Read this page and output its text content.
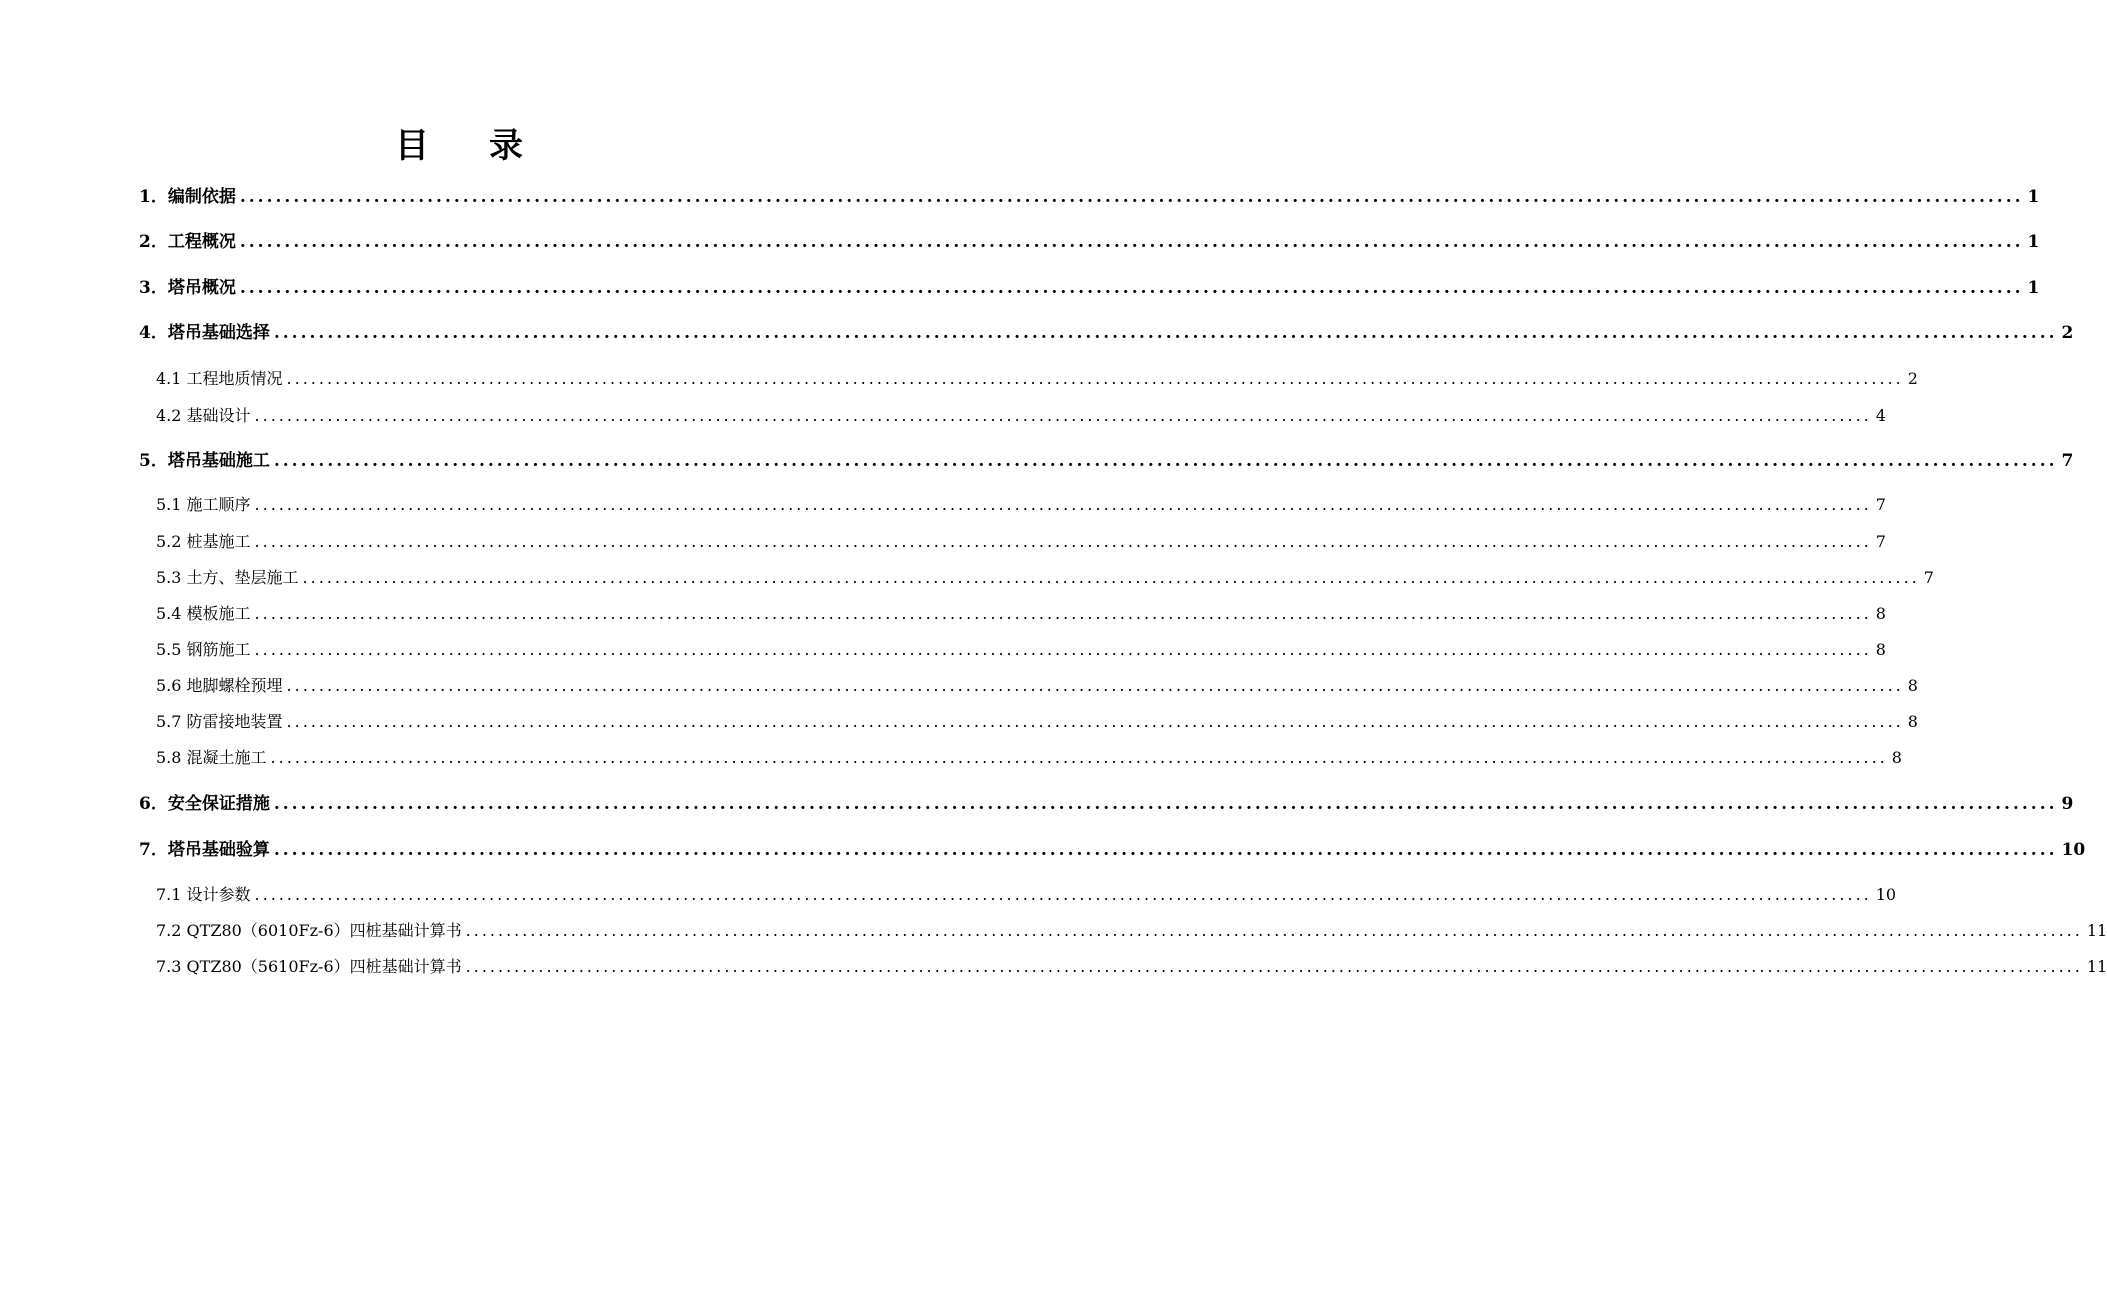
目 录
1．编制依据 ........................................................................................................................................................................................................ 1
2．工程概况 ........................................................................................................................................................................................................ 1
3．塔吊概况 ........................................................................................................................................................................................................ 1
4．塔吊基础选择 ........................................................................................................................................................................................................ 2
4.1 工程地质情况 ........................................................................................................................................................................................................ 2
4.2 基础设计 ........................................................................................................................................................................................................ 4
5．塔吊基础施工 ........................................................................................................................................................................................................ 7
5.1 施工顺序 ........................................................................................................................................................................................................ 7
5.2 桩基施工 ........................................................................................................................................................................................................ 7
5.3 土方、垫层施工 ........................................................................................................................................................................................................ 7
5.4 模板施工 ........................................................................................................................................................................................................ 8
5.5 钢筋施工 ........................................................................................................................................................................................................ 8
5.6 地脚螺栓预埋 ........................................................................................................................................................................................................ 8
5.7 防雷接地装置 ........................................................................................................................................................................................................ 8
5.8 混凝土施工 ........................................................................................................................................................................................................ 8
6．安全保证措施 ........................................................................................................................................................................................................ 9
7．塔吊基础验算 ........................................................................................................................................................................................................ 10
7.1 设计参数 ........................................................................................................................................................................................................ 10
7.2 QTZ80（6010Fz-6）四桩基础计算书 ........................................................................................................................................................................................................ 11
7.3 QTZ80（5610Fz-6）四桩基础计算书 ........................................................................................................................................................................................................ 11
